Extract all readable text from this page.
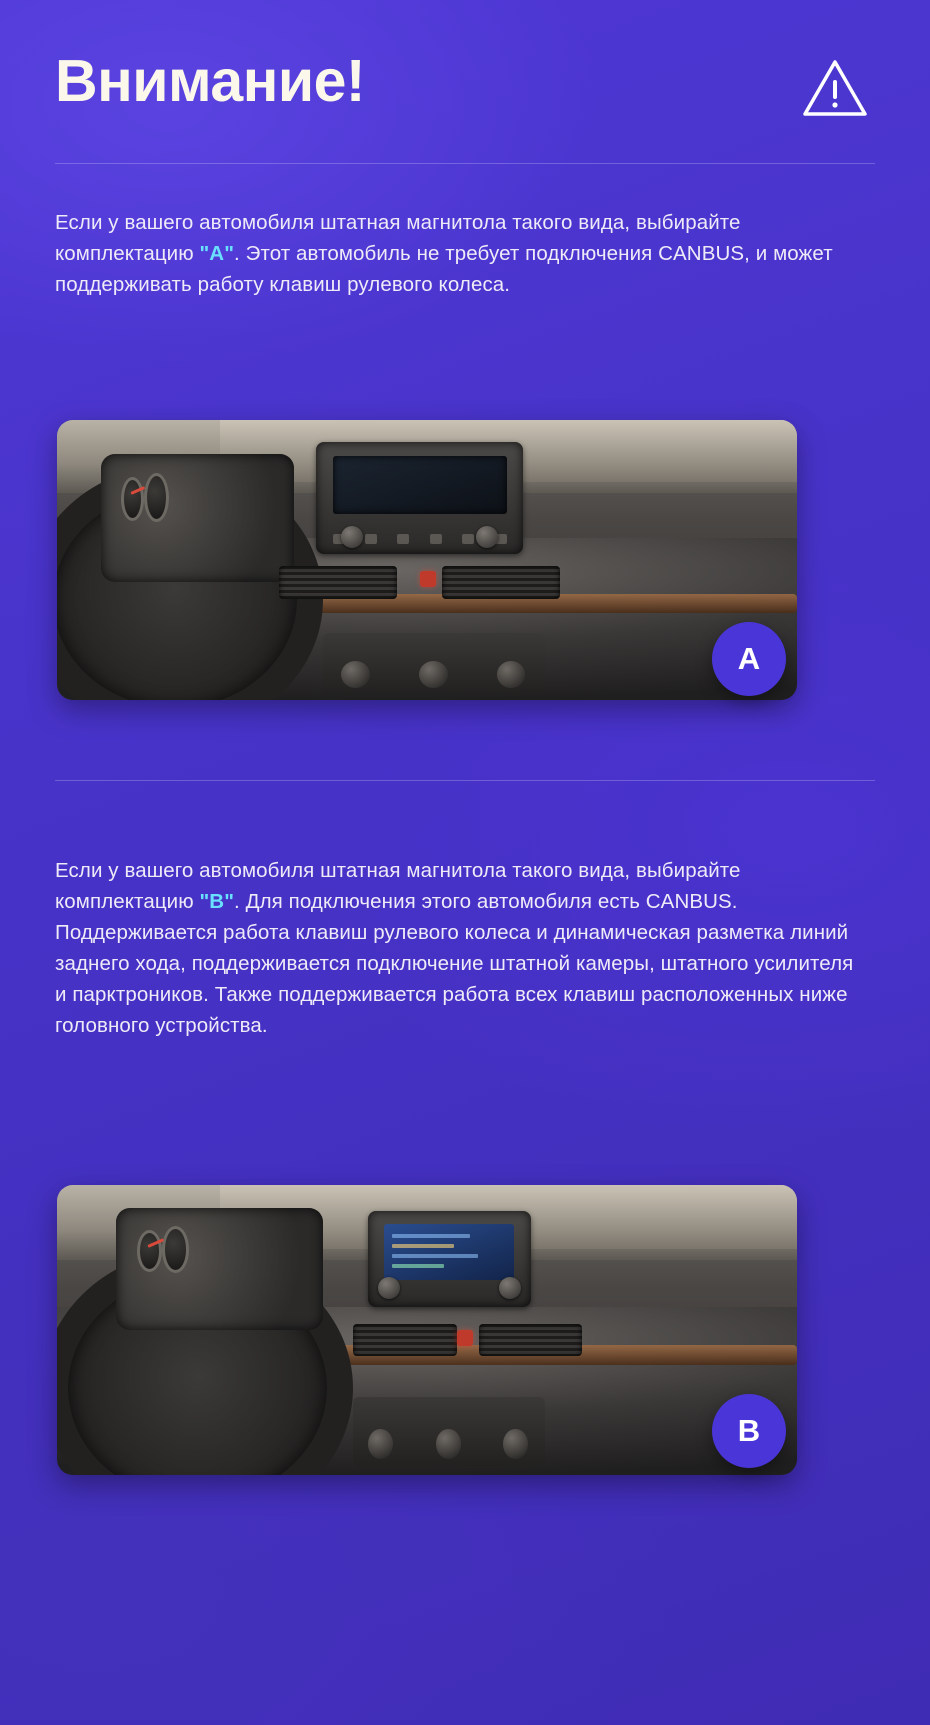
Внимание!
Если у вашего автомобиля штатная магнитола такого вида, выбирайте комплектацию "A". Этот автомобиль не требует подключения CANBUS, и может поддерживать работу клавиш рулевого колеса.
A
Если у вашего автомобиля штатная магнитола такого вида, выбирайте комплектацию "B". Для подключения этого автомобиля есть CANBUS. Поддерживается работа клавиш рулевого колеса и динамическая разметка линий заднего хода, поддерживается подключение штатной камеры, штатного усилителя и парктроников. Также поддерживается работа всех клавиш расположенных ниже головного устройства.
B
